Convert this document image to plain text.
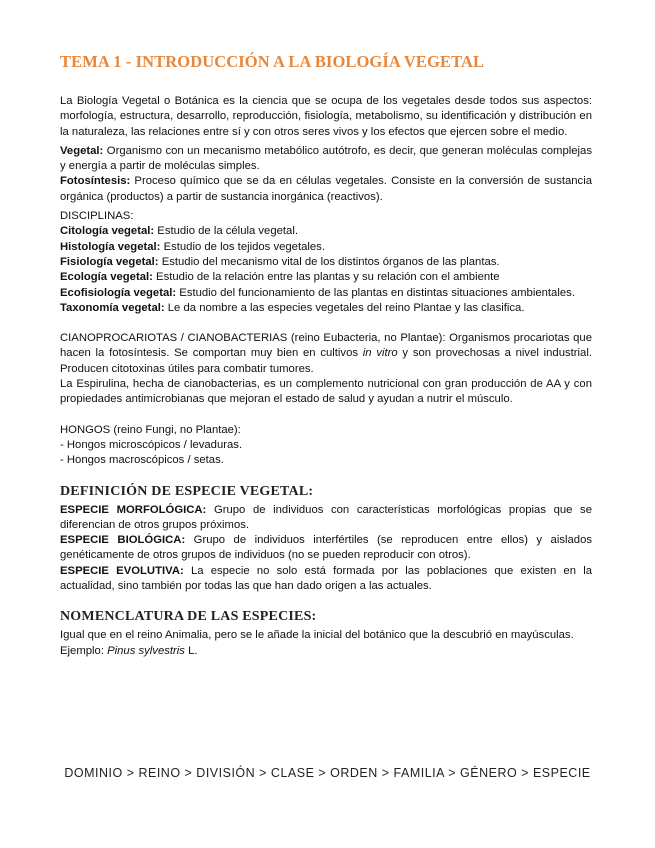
TEMA 1 - INTRODUCCIÓN A LA BIOLOGÍA VEGETAL

La Biología Vegetal o Botánica es la ciencia que se ocupa de los vegetales desde todos sus aspectos: morfología, estructura, desarrollo, reproducción, fisiología, metabolismo, su identificación y distribución en la naturaleza, las relaciones entre sí y con otros seres vivos y los efectos que ejercen sobre el medio.

Vegetal: Organismo con un mecanismo metabólico autótrofo, es decir, que generan moléculas complejas y energía a partir de moléculas simples.

Fotosíntesis: Proceso químico que se da en células vegetales. Consiste en la conversión de sustancia orgánica (productos) a partir de sustancia inorgánica (reactivos).

DISCIPLINAS:

Citología vegetal: Estudio de la célula vegetal.

Histología vegetal: Estudio de los tejidos vegetales.

Fisiología vegetal: Estudio del mecanismo vital de los distintos órganos de las plantas.

Ecología vegetal: Estudio de la relación entre las plantas y su relación con el ambiente

Ecofisiología vegetal: Estudio del funcionamiento de las plantas en distintas situaciones ambientales.

Taxonomía vegetal: Le da nombre a las especies vegetales del reino Plantae y las clasifica.

CIANOPROCARIOTAS / CIANOBACTERIAS (reino Eubacteria, no Plantae): Organismos procariotas que hacen la fotosíntesis. Se comportan muy bien en cultivos in vitro y son provechosas a nivel industrial. Producen citotoxinas útiles para combatir tumores.

La Espirulina, hecha de cianobacterias, es un complemento nutricional con gran producción de AA y con propiedades antimicrobianas que mejoran el estado de salud y ayudan a nutrir el músculo.

HONGOS (reino Fungi, no Plantae):

- Hongos microscópicos / levaduras.

- Hongos macroscópicos / setas.

DEFINICIÓN DE ESPECIE VEGETAL:

ESPECIE MORFOLÓGICA: Grupo de individuos con características morfológicas propias que se diferencian de otros grupos próximos.

ESPECIE BIOLÓGICA: Grupo de individuos interfértiles (se reproducen entre ellos) y aislados genéticamente de otros grupos de individuos (no se pueden reproducir con otros).

ESPECIE EVOLUTIVA: La especie no solo está formada por las poblaciones que existen en la actualidad, sino también por todas las que han dado origen a las actuales.

NOMENCLATURA DE LAS ESPECIES:

Igual que en el reino Animalia, pero se le añade la inicial del botánico que la descubrió en mayúsculas.

Ejemplo: Pinus sylvestris L.

DOMINIO > REINO > DIVISIÓN > CLASE > ORDEN > FAMILIA > GÉNERO > ESPECIE
